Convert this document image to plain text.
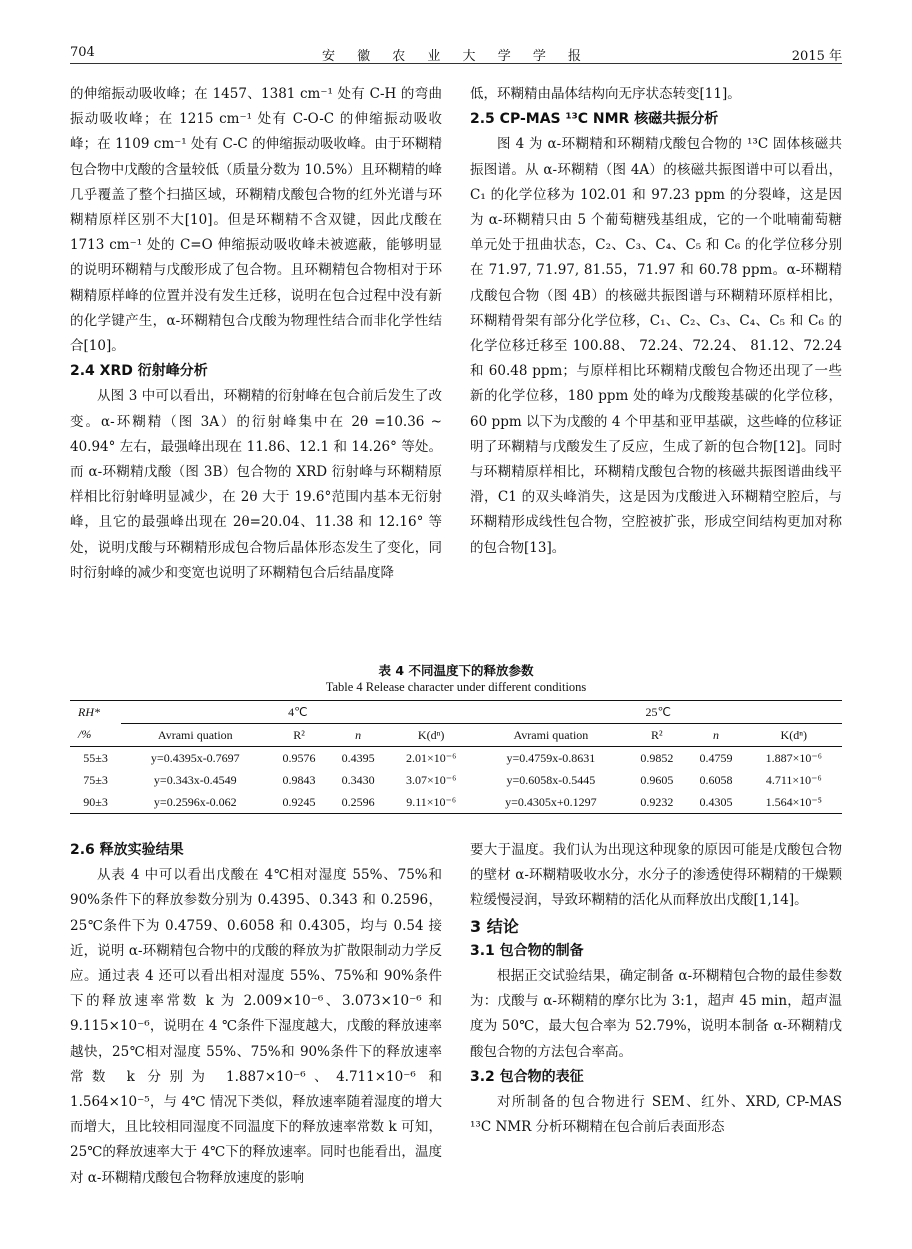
704	安 徽 农 业 大 学 学 报	2015 年

的伸缩振动吸收峰；在 1457、1381 cm⁻¹ 处有 C-H 的弯曲振动吸收峰；在 1215 cm⁻¹ 处有 C-O-C 的伸缩振动吸收峰；在 1109 cm⁻¹ 处有 C-C 的伸缩振动吸收峰。由于环糊精包合物中戊酸的含量较低（质量分数为 10.5%）且环糊精的峰几乎覆盖了整个扫描区域，环糊精戊酸包合物的红外光谱与环糊精原样区别不大[10]。但是环糊精不含双键，因此戊酸在 1713 cm⁻¹ 处的 C=O 伸缩振动吸收峰未被遮蔽，能够明显的说明环糊精与戊酸形成了包合物。且环糊精包合物相对于环糊精原样峰的位置并没有发生迁移，说明在包合过程中没有新的化学键产生，α-环糊精包合戊酸为物理性结合而非化学性结合[10]。

2.4 XRD 衍射峰分析

从图 3 中可以看出，环糊精的衍射峰在包合前后发生了改变。α-环糊精（图 3A）的衍射峰集中在 2θ =10.36 ~ 40.94° 左右，最强峰出现在 11.86、12.1 和 14.26° 等处。而 α-环糊精戊酸（图 3B）包合物的 XRD 衍射峰与环糊精原样相比衍射峰明显减少，在 2θ 大于 19.6°范围内基本无衍射峰，且它的最强峰出现在 2θ=20.04、11.38 和 12.16° 等处，说明戊酸与环糊精形成包合物后晶体形态发生了变化，同时衍射峰的减少和变宽也说明了环糊精包合后结晶度降

低，环糊精由晶体结构向无序状态转变[11]。

2.5 CP-MAS ¹³C NMR 核磁共振分析

图 4 为 α-环糊精和环糊精戊酸包合物的 ¹³C 固体核磁共振图谱。从 α-环糊精（图 4A）的核磁共振图谱中可以看出，C₁ 的化学位移为 102.01 和 97.23 ppm 的分裂峰，这是因为 α-环糊精只由 5 个葡萄糖残基组成，它的一个吡喃葡萄糖单元处于扭曲状态，C₂、C₃、C₄、C₅ 和 C₆ 的化学位移分别在 71.97, 71.97, 81.55，71.97 和 60.78 ppm。α-环糊精戊酸包合物（图 4B）的核磁共振图谱与环糊精环原样相比，环糊精骨架有部分化学位移，C₁、C₂、C₃、C₄、C₅ 和 C₆ 的化学位移迁移至 100.88、 72.24、72.24、 81.12、72.24 和 60.48 ppm；与原样相比环糊精戊酸包合物还出现了一些新的化学位移，180 ppm 处的峰为戊酸羧基碳的化学位移，60 ppm 以下为戊酸的 4 个甲基和亚甲基碳，这些峰的位移证明了环糊精与戊酸发生了反应，生成了新的包合物[12]。同时与环糊精原样相比，环糊精戊酸包合物的核磁共振图谱曲线平滑，C1 的双头峰消失，这是因为戊酸进入环糊精空腔后，与环糊精形成线性包合物，空腔被扩张，形成空间结构更加对称的包合物[13]。

表 4 不同温度下的释放参数
Table 4 Release character under different conditions
RH*	4℃				25℃			
/%	Avrami quation	R²	n	K(dⁿ)	Avrami quation	R²	n	K(dⁿ)
55±3	y=0.4395x-0.7697	0.9576	0.4395	2.01×10⁻⁶	y=0.4759x-0.8631	0.9852	0.4759	1.887×10⁻⁶
75±3	y=0.343x-0.4549	0.9843	0.3430	3.07×10⁻⁶	y=0.6058x-0.5445	0.9605	0.6058	4.711×10⁻⁶
90±3	y=0.2596x-0.062	0.9245	0.2596	9.11×10⁻⁶	y=0.4305x+0.1297	0.9232	0.4305	1.564×10⁻⁵

2.6 释放实验结果

从表 4 中可以看出戊酸在 4℃相对湿度 55%、75%和 90%条件下的释放参数分别为 0.4395、0.343 和 0.2596，25℃条件下为 0.4759、0.6058 和 0.4305，均与 0.54 接近，说明 α-环糊精包合物中的戊酸的释放为扩散限制动力学反应。通过表 4 还可以看出相对湿度 55%、75%和 90%条件下的释放速率常数 k 为 2.009×10⁻⁶、3.073×10⁻⁶ 和 9.115×10⁻⁶，说明在 4 ℃条件下湿度越大，戊酸的释放速率越快，25℃相对湿度 55%、75%和 90%条件下的释放速率常数 k 分别为 1.887×10⁻⁶、4.711×10⁻⁶ 和 1.564×10⁻⁵，与 4℃ 情况下类似，释放速率随着湿度的增大而增大，且比较相同湿度不同温度下的释放速率常数 k 可知，25℃的释放速率大于 4℃下的释放速率。同时也能看出，温度对 α-环糊精戊酸包合物释放速度的影响

要大于温度。我们认为出现这种现象的原因可能是戊酸包合物的壁材 α-环糊精吸收水分，水分子的渗透使得环糊精的干燥颗粒缓慢浸润，导致环糊精的活化从而释放出戊酸[1,14]。

3 结论

3.1 包合物的制备

根据正交试验结果，确定制备 α-环糊精包合物的最佳参数为：戊酸与 α-环糊精的摩尔比为 3:1，超声 45 min，超声温度为 50℃，最大包合率为 52.79%，说明本制备 α-环糊精戊酸包合物的方法包合率高。

3.2 包合物的表征

对所制备的包合物进行 SEM、红外、XRD, CP-MAS ¹³C NMR 分析环糊精在包合前后表面形态
